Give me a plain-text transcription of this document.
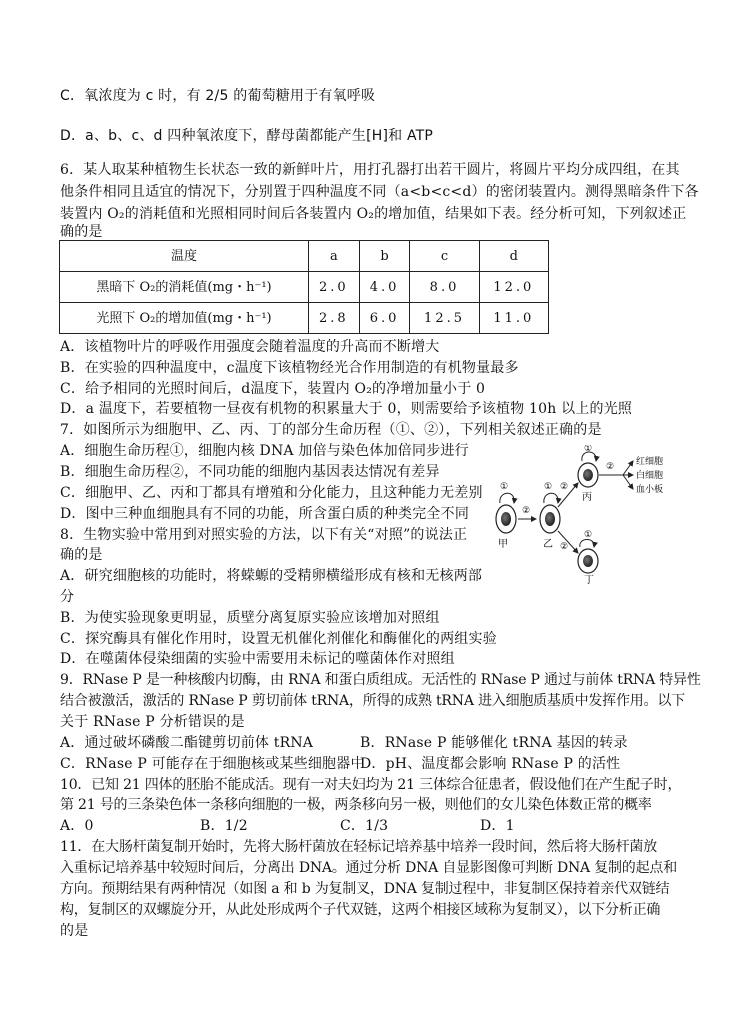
C．氧浓度为 c 时，有 2/5 的葡萄糖用于有氧呼吸
D．a、b、c、d 四种氧浓度下，酵母菌都能产生[H]和 ATP
6．某人取某种植物生长状态一致的新鲜叶片，用打孔器打出若干圆片，将圆片平均分成四组，在其
他条件相同且适宜的情况下，分别置于四种温度不同（a<b<c<d）的密闭装置内。测得黑暗条件下各
装置内 O₂的消耗值和光照相同时间后各装置内 O₂的增加值，结果如下表。经分析可知，下列叙述正
确的是
温度	a	b	c	d
黑暗下 O₂的消耗值(mg・h⁻¹)	2.0	4.0	8.0	12.0
光照下 O₂的增加值(mg・h⁻¹)	2.8	6.0	12.5	11.0
A．该植物叶片的呼吸作用强度会随着温度的升高而不断增大
B．在实验的四种温度中，c温度下该植物经光合作用制造的有机物量最多
C．给予相同的光照时间后，d温度下，装置内 O₂的净增加量小于 0
D．a 温度下，若要植物一昼夜有机物的积累量大于 0，则需要给予该植物 10h 以上的光照
7．如图所示为细胞甲、乙、丙、丁的部分生命历程（①、②），下列相关叙述正确的是
A．细胞生命历程①，细胞内核 DNA 加倍与染色体加倍同步进行
B．细胞生命历程②，不同功能的细胞内基因表达情况有差异
C．细胞甲、乙、丙和丁都具有增殖和分化能力，且这种能力无差别
D．图中三种血细胞具有不同的功能，所含蛋白质的种类完全不同
8．生物实验中常用到对照实验的方法，以下有关“对照”的说法正
确的是
A．研究细胞核的功能时，将蝾螈的受精卵横缢形成有核和无核两部
分
B．为使实验现象更明显，质壁分离复原实验应该增加对照组
C．探究酶具有催化作用时，设置无机催化剂催化和酶催化的两组实验
D．在噬菌体侵染细菌的实验中需要用未标记的噬菌体作对照组
9．RNase P 是一种核酸内切酶，由 RNA 和蛋白质组成。无活性的 RNase P 通过与前体 tRNA 特异性
结合被激活，激活的 RNase P 剪切前体 tRNA，所得的成熟 tRNA 进入细胞质基质中发挥作用。以下
关于 RNase P 分析错误的是
A．通过破坏磷酸二酯键剪切前体 tRNA	B．RNase P 能够催化 tRNA 基因的转录
C．RNase P 可能存在于细胞核或某些细胞器中
D．pH、温度都会影响 RNase P 的活性
10．已知 21 四体的胚胎不能成活。现有一对夫妇均为 21 三体综合征患者，假设他们在产生配子时，
第 21 号的三条染色体一条移向细胞的一极，两条移向另一极，则他们的女儿染色体数正常的概率
A．0	B．1/2	C．1/3	D．1
11．在大肠杆菌复制开始时，先将大肠杆菌放在轻标记培养基中培养一段时间，然后将大肠杆菌放
入重标记培养基中较短时间后，分离出 DNA。通过分析 DNA 自显影图像可判断 DNA 复制的起点和
方向。预期结果有两种情况（如图 a 和 b 为复制叉，DNA 复制过程中，非复制区保持着亲代双链结
构，复制区的双螺旋分开，从此处形成两个子代双链，这两个相接区域称为复制叉），以下分析正确
的是
甲
①
②
乙
① ②
丙
①
② 红细胞
白细胞
血小板
②
丁
①
